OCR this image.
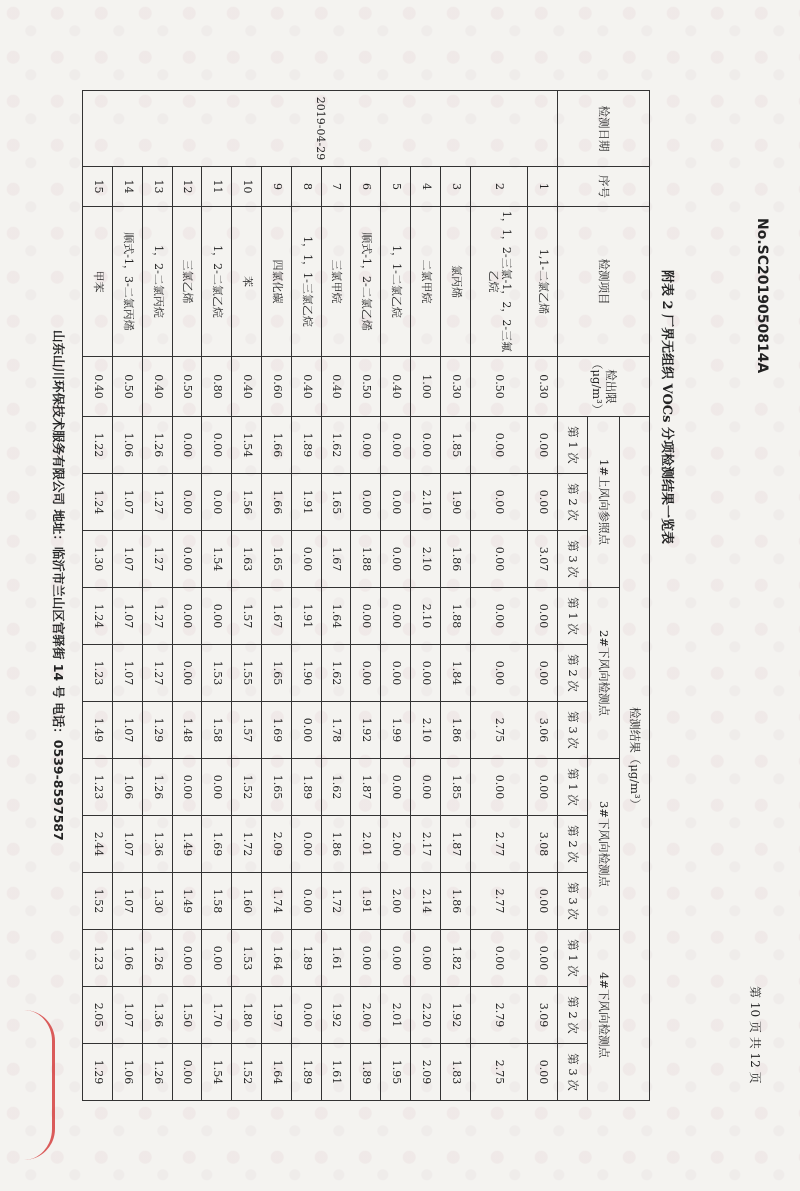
No.SC2019050814A
第 10 页 共 12 页
附表 2 厂界无组织 VOCs 分项检测结果一览表
检测日期	序号	检测项目	检出限（μg/m³）	检测结果（μg/m³）											
				1#上风向参照点			2#下风向检测点			3#下风向检测点			4#下风向检测点		
				第 1 次	第 2 次	第 3 次	第 1 次	第 2 次	第 3 次	第 1 次	第 2 次	第 3 次	第 1 次	第 2 次	第 3 次
2019-04-29	1	1,1-二氯乙烯	0.30	0.00	0.00	3.07	0.00	0.00	3.06	0.00	3.08	0.00	0.00	3.09	0.00
	2	1，1，2-三氯-1，2，2-三氟乙烷	0.50	0.00	0.00	0.00	0.00	0.00	2.75	0.00	2.77	2.77	0.00	2.79	2.75
	3	氯丙烯	0.30	1.85	1.90	1.86	1.88	1.84	1.86	1.85	1.87	1.86	1.82	1.92	1.83
	4	二氯甲烷	1.00	0.00	2.10	2.10	2.10	0.00	2.10	0.00	2.17	2.14	0.00	2.20	2.09
	5	1，1-二氯乙烷	0.40	0.00	0.00	0.00	0.00	0.00	1.99	0.00	2.00	2.00	0.00	2.01	1.95
	6	顺式-1，2-二氯乙烯	0.50	0.00	0.00	1.88	0.00	0.00	1.92	1.87	2.01	1.91	0.00	2.00	1.89
	7	三氯甲烷	0.40	1.62	1.65	1.67	1.64	1.62	1.78	1.62	1.86	1.72	1.61	1.92	1.61
	8	1，1，1-三氯乙烷	0.40	1.89	1.91	0.00	1.91	1.90	0.00	1.89	0.00	0.00	1.89	0.00	1.89
	9	四氯化碳	0.60	1.66	1.66	1.65	1.67	1.65	1.69	1.65	2.09	1.74	1.64	1.97	1.64
	10	苯	0.40	1.54	1.56	1.63	1.57	1.55	1.57	1.52	1.72	1.60	1.53	1.80	1.52
	11	1，2-二氯乙烷	0.80	0.00	0.00	1.54	0.00	1.53	1.58	0.00	1.69	1.58	0.00	1.70	1.54
	12	三氯乙烯	0.50	0.00	0.00	0.00	0.00	0.00	1.48	0.00	1.49	1.49	0.00	1.50	0.00
	13	1，2-二氯丙烷	0.40	1.26	1.27	1.27	1.27	1.27	1.29	1.26	1.36	1.30	1.26	1.36	1.26
	14	顺式-1，3-二氯丙烯	0.50	1.06	1.07	1.07	1.07	1.07	1.07	1.06	1.07	1.07	1.06	1.07	1.06
	15	甲苯	0.40	1.22	1.24	1.30	1.24	1.23	1.49	1.23	2.44	1.52	1.23	2.05	1.29
山东山川环保技术服务有限公司 地址：临沂市兰山区官驿街 14 号 电话：0539-8597587
